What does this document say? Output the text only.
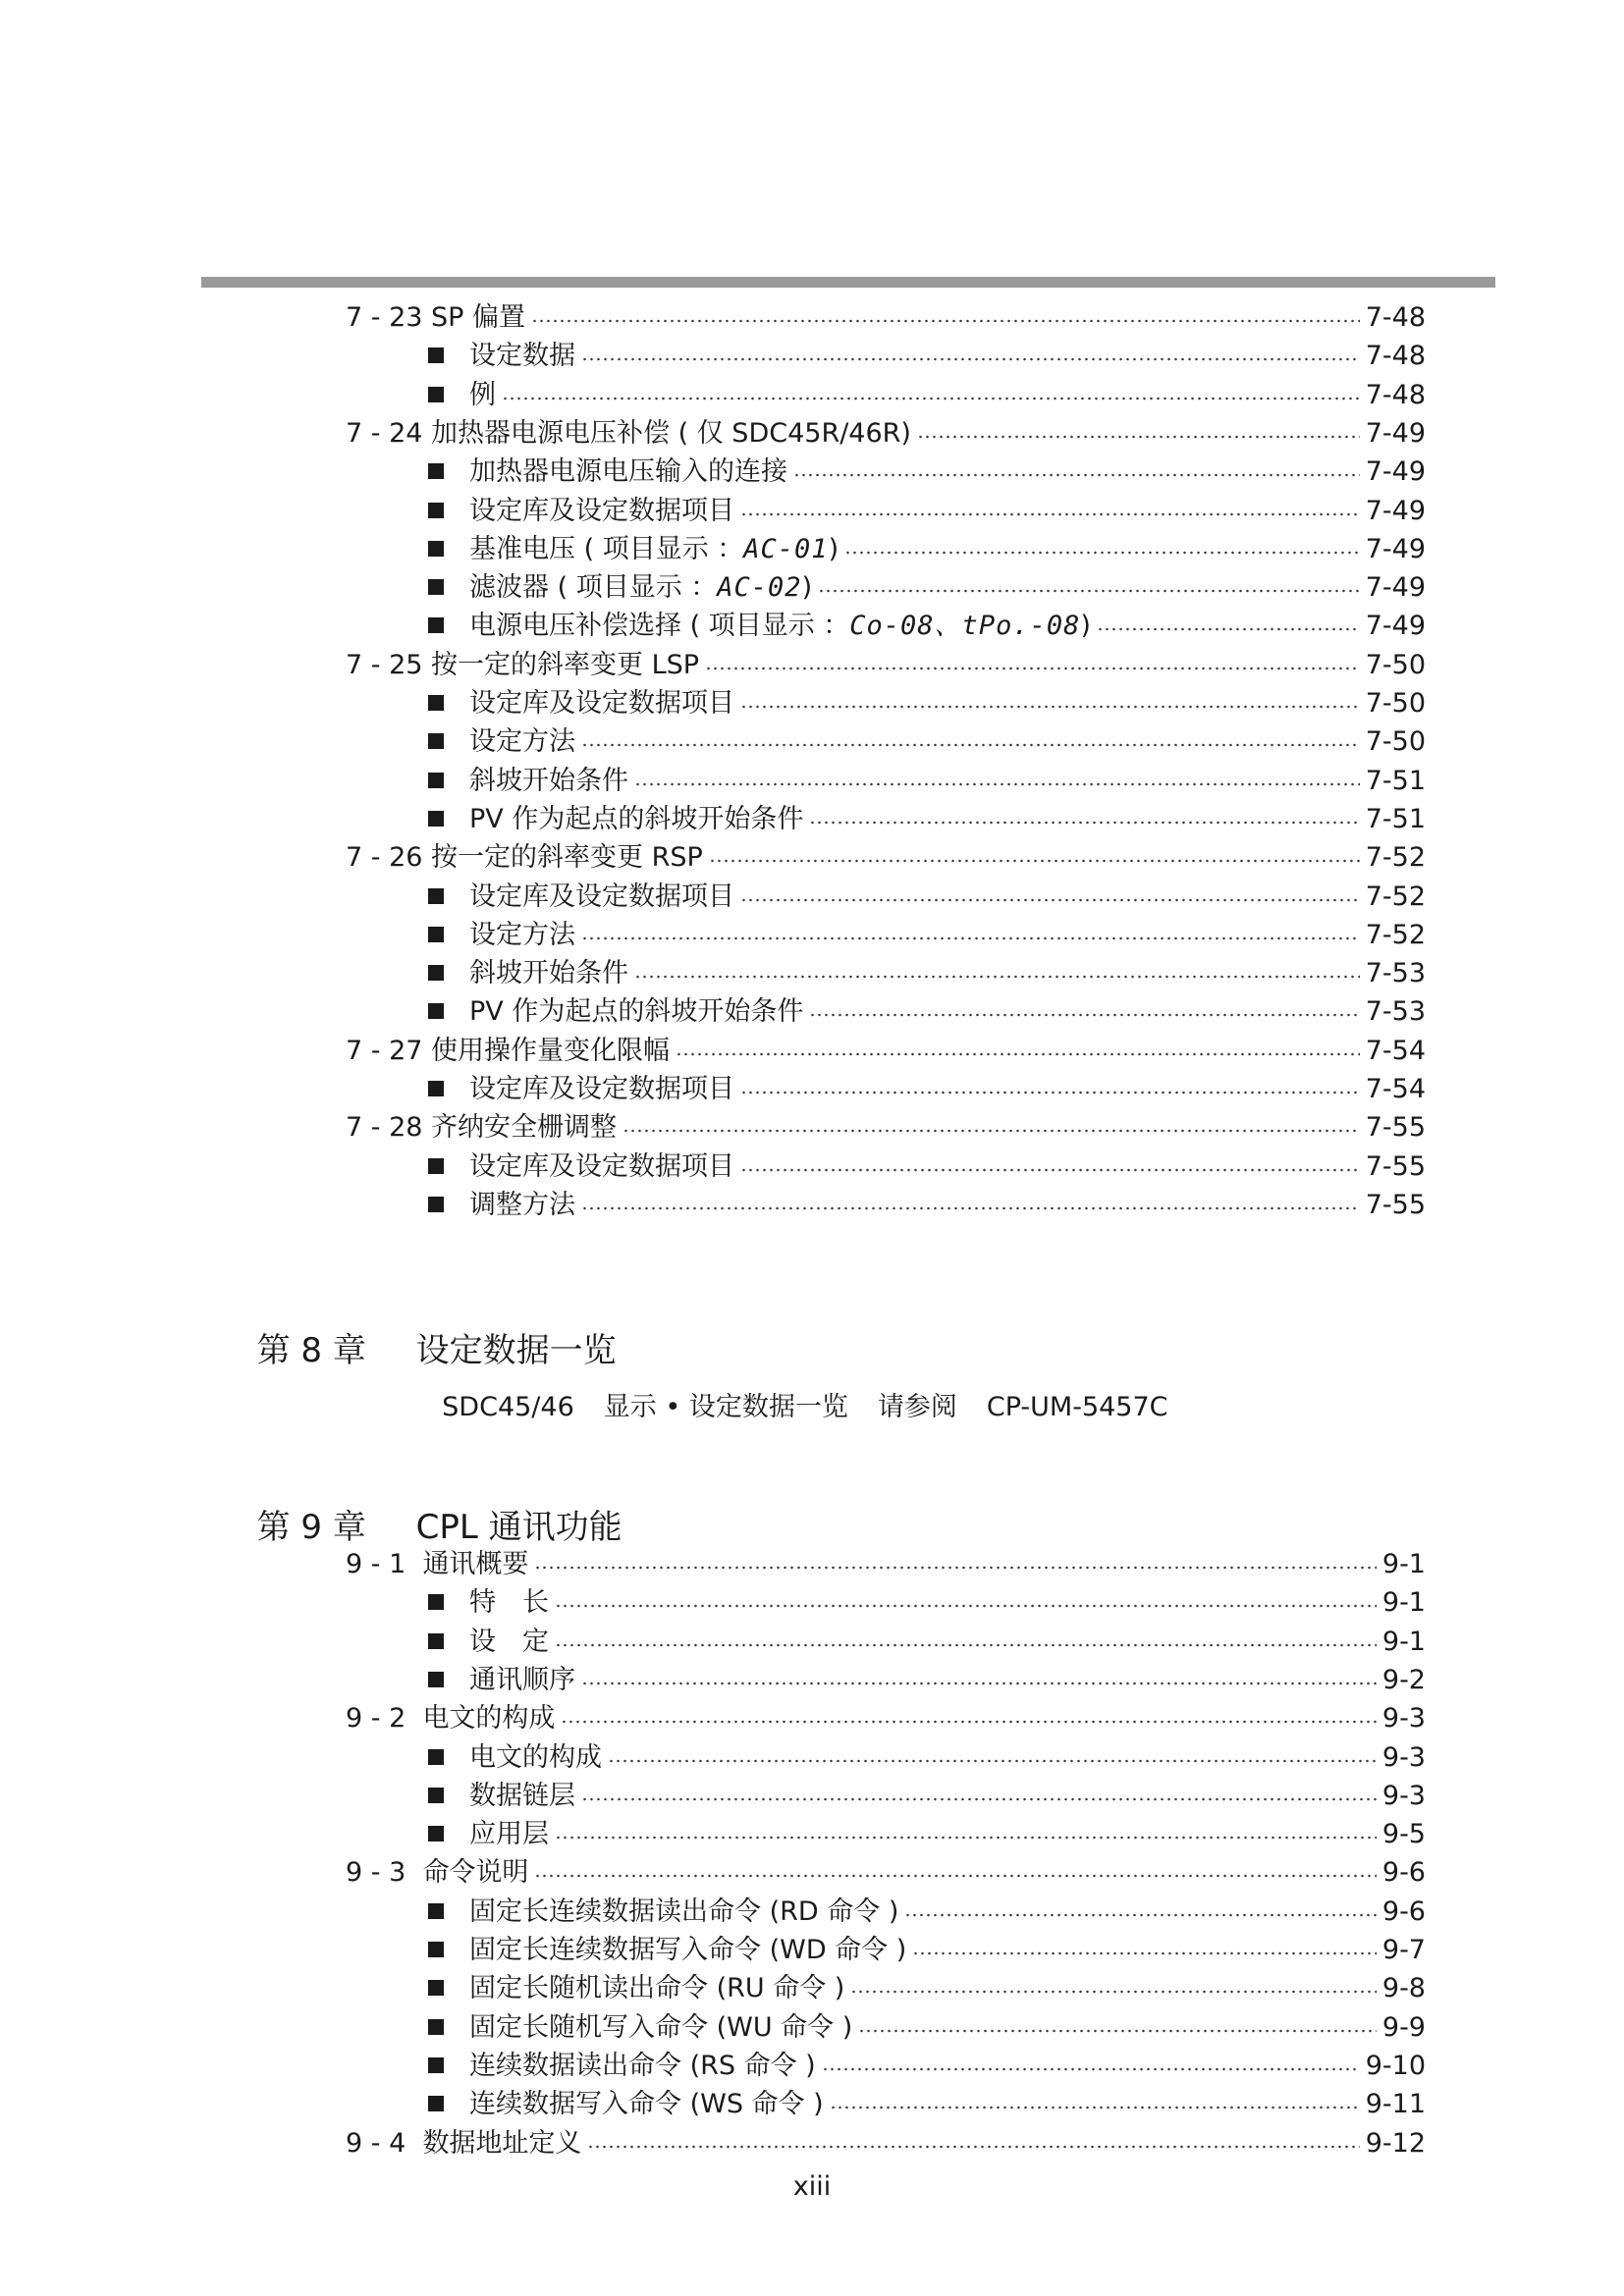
7 - 23 SP 偏置	7-48
设定数据	7-48
例	7-48
7 - 24 加热器电源电压补偿 ( 仅 SDC45R/46R)	7-49
加热器电源电压输入的连接	7-49
设定库及设定数据项目	7-49
基准电压 ( 项目显示 ： AC-01 )	7-49
滤波器 ( 项目显示 ： AC-02 )	7-49
电源电压补偿选择 ( 项目显示 ： Co-08、tPo.-08 )	7-49
7 - 25 按一定的斜率变更 LSP	7-50
设定库及设定数据项目	7-50
设定方法	7-50
斜坡开始条件	7-51
PV 作为起点的斜坡开始条件	7-51
7 - 26 按一定的斜率变更 RSP	7-52
设定库及设定数据项目	7-52
设定方法	7-52
斜坡开始条件	7-53
PV 作为起点的斜坡开始条件	7-53
7 - 27 使用操作量变化限幅	7-54
设定库及设定数据项目	7-54
7 - 28 齐纳安全栅调整	7-55
设定库及设定数据项目	7-55
调整方法	7-55

第 8 章 设定数据一览

SDC45/46 显示 • 设定数据一览 请参阅 CP-UM-5457C

第 9 章 CPL 通讯功能

9 - 1 通讯概要	9-1
特　长	9-1
设　定	9-1
通讯顺序	9-2
9 - 2 电文的构成	9-3
电文的构成	9-3
数据链层	9-3
应用层	9-5
9 - 3 命令说明	9-6
固定长连续数据读出命令 (RD 命令 )	9-6
固定长连续数据写入命令 (WD 命令 )	9-7
固定长随机读出命令 (RU 命令 )	9-8
固定长随机写入命令 (WU 命令 )	9-9
连续数据读出命令 (RS 命令 )	9-10
连续数据写入命令 (WS 命令 )	9-11
9 - 4 数据地址定义	9-12
xiii
